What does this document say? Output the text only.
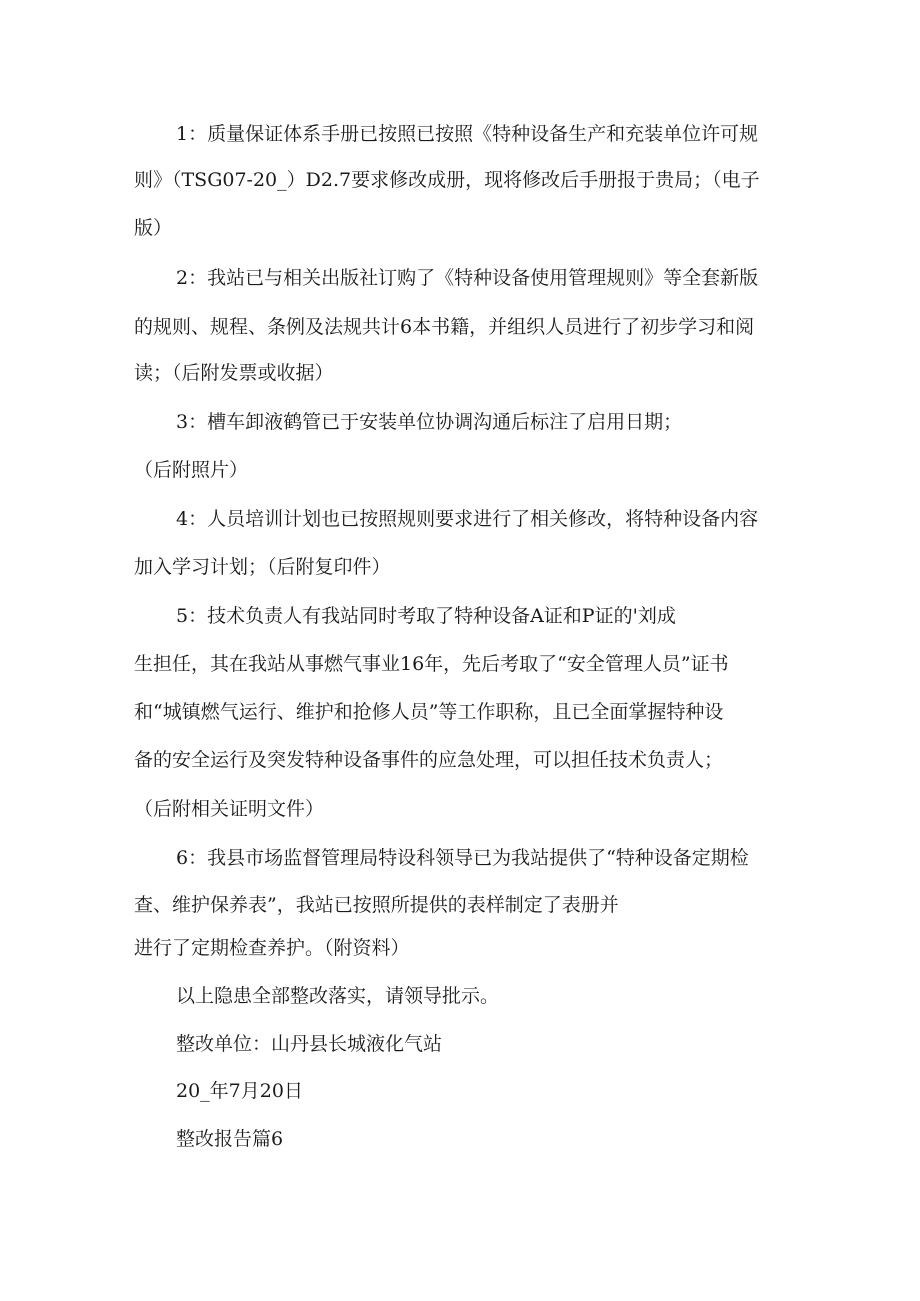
1：质量保证体系手册已按照已按照《特种设备生产和充装单位许可规
则》（TSG07-20_）D2.7要求修改成册，现将修改后手册报于贵局；（电子
版）
2：我站已与相关出版社订购了《特种设备使用管理规则》等全套新版
的规则、规程、条例及法规共计6本书籍，并组织人员进行了初步学习和阅
读；（后附发票或收据）
3：槽车卸液鹤管已于安装单位协调沟通后标注了启用日期；
（后附照片）
4：人员培训计划也已按照规则要求进行了相关修改，将特种设备内容
加入学习计划；（后附复印件）
5：技术负责人有我站同时考取了特种设备A证和P证的'刘成
生担任，其在我站从事燃气事业16年，先后考取了“安全管理人员”证书
和“城镇燃气运行、维护和抢修人员”等工作职称，且已全面掌握特种设
备的安全运行及突发特种设备事件的应急处理，可以担任技术负责人；
（后附相关证明文件）
6：我县市场监督管理局特设科领导已为我站提供了“特种设备定期检
查、维护保养表”，我站已按照所提供的表样制定了表册并
进行了定期检查养护。（附资料）
以上隐患全部整改落实，请领导批示。
整改单位：山丹县长城液化气站
20_年7月20日
整改报告篇6
